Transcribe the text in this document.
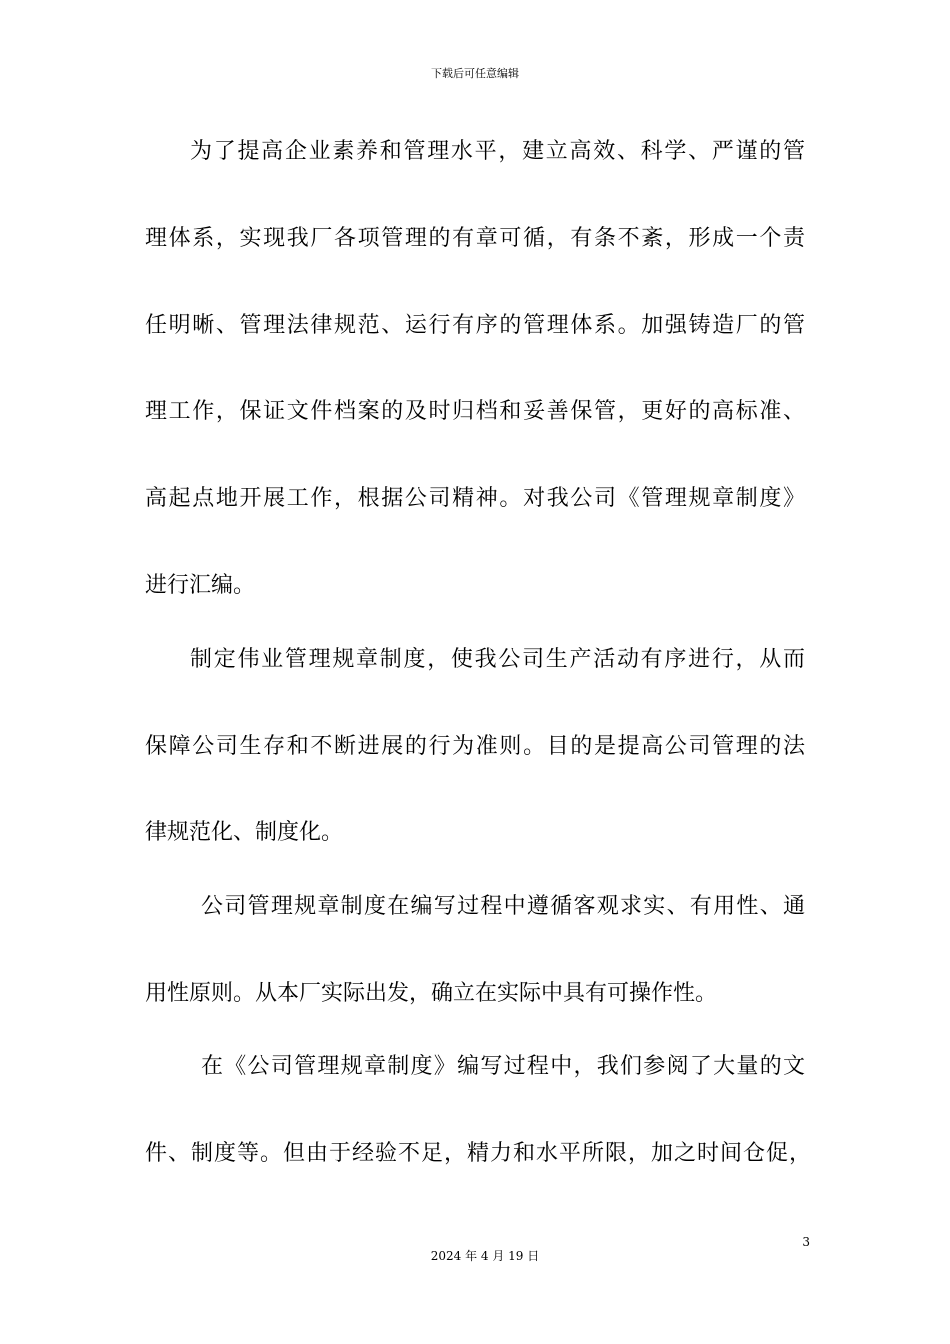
下载后可任意编辑
为了提高企业素养和管理水平，建立高效、科学、严谨的管
理体系，实现我厂各项管理的有章可循，有条不紊，形成一个责
任明晰、管理法律规范、运行有序的管理体系。加强铸造厂的管
理工作，保证文件档案的及时归档和妥善保管，更好的高标准、
高起点地开展工作，根据公司精神。对我公司《管理规章制度》
进行汇编。
制定伟业管理规章制度，使我公司生产活动有序进行，从而
保障公司生存和不断进展的行为准则。目的是提高公司管理的法
律规范化、制度化。
公司管理规章制度在编写过程中遵循客观求实、有用性、通
用性原则。从本厂实际出发，确立在实际中具有可操作性。
在《公司管理规章制度》编写过程中，我们参阅了大量的文
件、制度等。但由于经验不足，精力和水平所限，加之时间仓促，
3
2024 年 4 月 19 日
